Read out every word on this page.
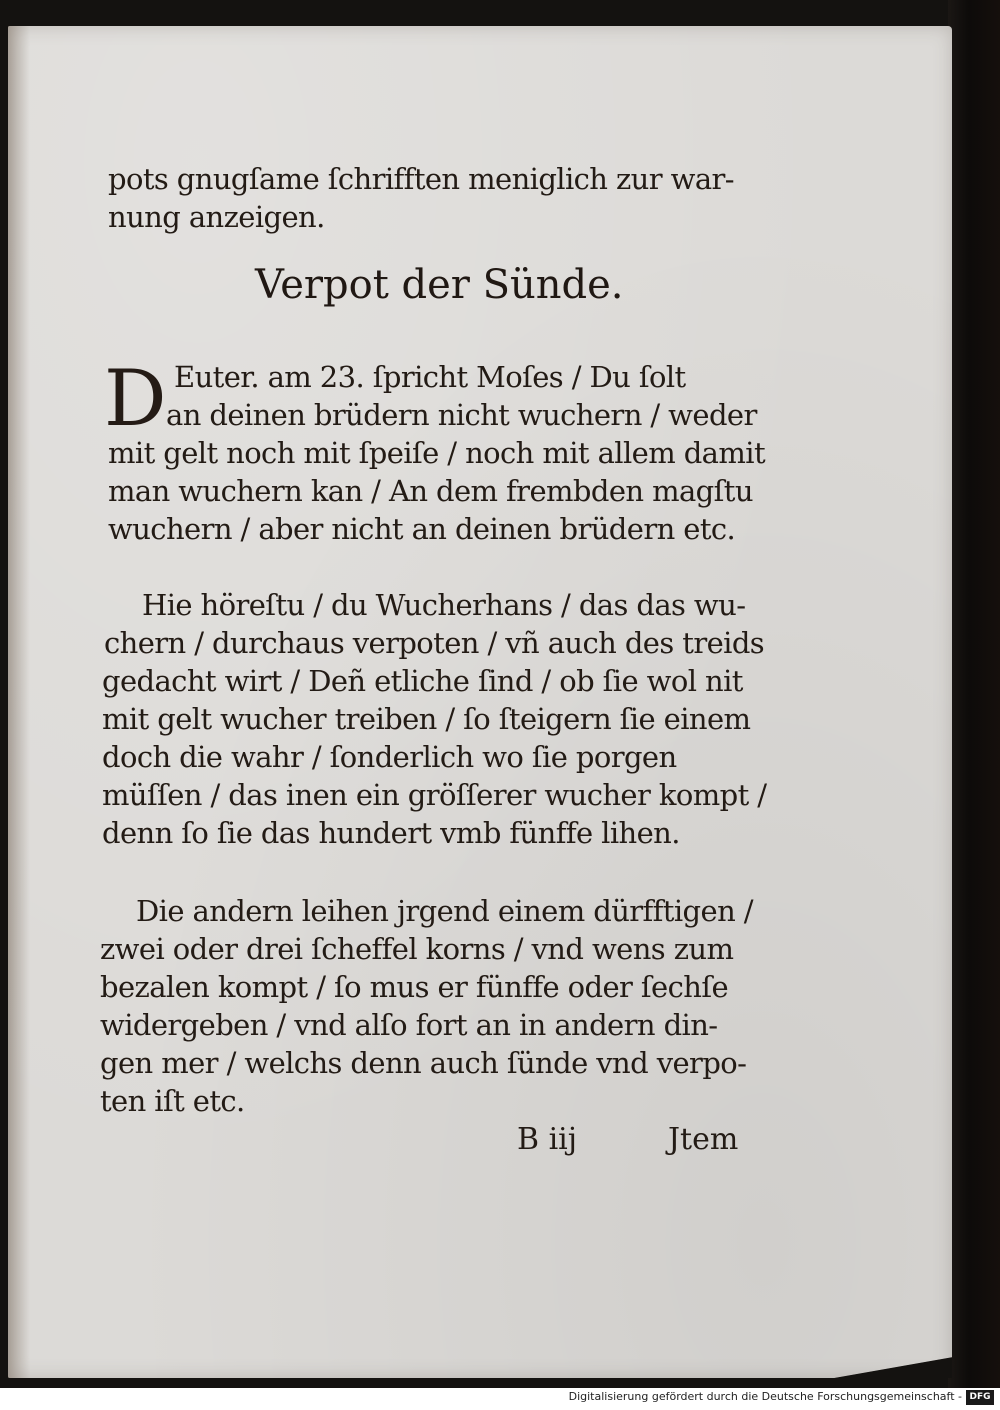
pots gnugſame ſchrifften meniglich zur war-
nung anzeigen.
Verpot der Sünde.
D Euter. am 23. ſpricht Moſes / Du ſolt
an deinen brüdern nicht wuchern / weder
mit gelt noch mit ſpeiſe / noch mit allem damit
man wuchern kan / An dem frembden magſtu
wuchern / aber nicht an deinen brüdern etc.
Hie höreſtu / du Wucherhans / das das wu-
chern / durchaus verpoten / vñ auch des treids
gedacht wirt / Deñ etliche ſind / ob ſie wol nit
mit gelt wucher treiben / ſo ſteigern ſie einem
doch die wahr / ſonderlich wo ſie porgen
müſſen / das inen ein gröſſerer wucher kompt /
denn ſo ſie das hundert vmb fünffe lihen.
Die andern leihen jrgend einem dürfftigen /
zwei oder drei ſcheffel korns / vnd wens zum
bezalen kompt / ſo mus er fünffe oder ſechſe
widergeben / vnd alſo fort an in andern din-
gen mer / welchs denn auch ſünde vnd verpo-
ten iſt etc.
B iij	Jtem
Digitalisierung gefördert durch die Deutsche Forschungsgemeinschaft - DFG
